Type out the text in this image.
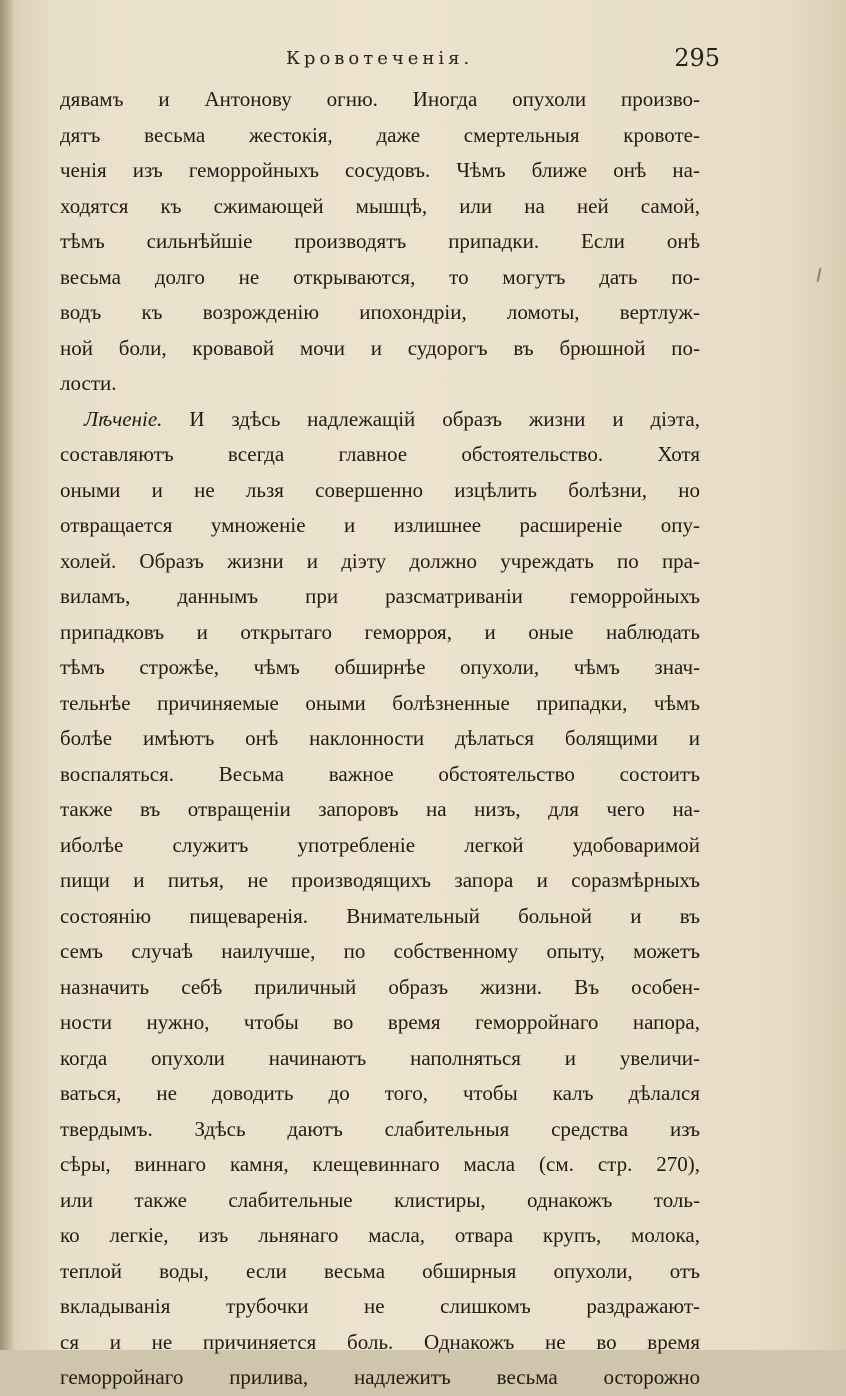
Кровотеченія.	295
дявамъ и Антонову огню. Иногда опухоли произво-
дятъ весьма жестокія, даже смертельныя кровоте-
ченія изъ геморройныхъ сосудовъ. Чѣмъ ближе онѣ на-
ходятся къ сжимающей мышцѣ, или на ней самой,
тѣмъ сильнѣйшіе производятъ припадки. Если онѣ
весьма долго не открываются, то могутъ дать по-
водъ къ возрожденію ипохондріи, ломоты, вертлуж-
ной боли, кровавой мочи и судорогъ въ брюшной по-
лости.
Лѣченіе. И здѣсь надлежащій образъ жизни и діэта,
составляютъ всегда главное обстоятельство. Хотя
оными и не льзя совершенно изцѣлить болѣзни, но
отвращается умноженіе и излишнее расширеніе опу-
холей. Образъ жизни и діэту должно учреждать по пра-
виламъ, даннымъ при разсматриваніи геморройныхъ
припадковъ и открытаго геморроя, и оные наблюдать
тѣмъ строжѣе, чѣмъ обширнѣе опухоли, чѣмъ знач-
тельнѣе причиняемые оными болѣзненные припадки, чѣмъ
болѣе имѣютъ онѣ наклонности дѣлаться болящими и
воспаляться. Весьма важное обстоятельство состоитъ
также въ отвращеніи запоровъ на низъ, для чего на-
иболѣе служитъ употребленіе легкой удобоваримой
пищи и питья, не производящихъ запора и соразмѣрныхъ
состоянію пищеваренія. Внимательный больной и въ
семъ случаѣ наилучше, по собственному опыту, можетъ
назначить себѣ приличный образъ жизни. Въ особен-
ности нужно, чтобы во время геморройнаго напора,
когда опухоли начинаютъ наполняться и увеличи-
ваться, не доводить до того, чтобы калъ дѣлался
твердымъ. Здѣсь даютъ слабительныя средства изъ
сѣры, виннаго камня, клещевиннаго масла (см. стр. 270),
или также слабительные клистиры, однакожъ толь-
ко легкіе, изъ льнянаго масла, отвара крупъ, молока,
теплой воды, если весьма обширныя опухоли, отъ
вкладыванія трубочки не слишкомъ раздражают-
ся и не причиняется боль. Однакожъ не во время
геморройнаго прилива, надлежитъ весьма осторожно
